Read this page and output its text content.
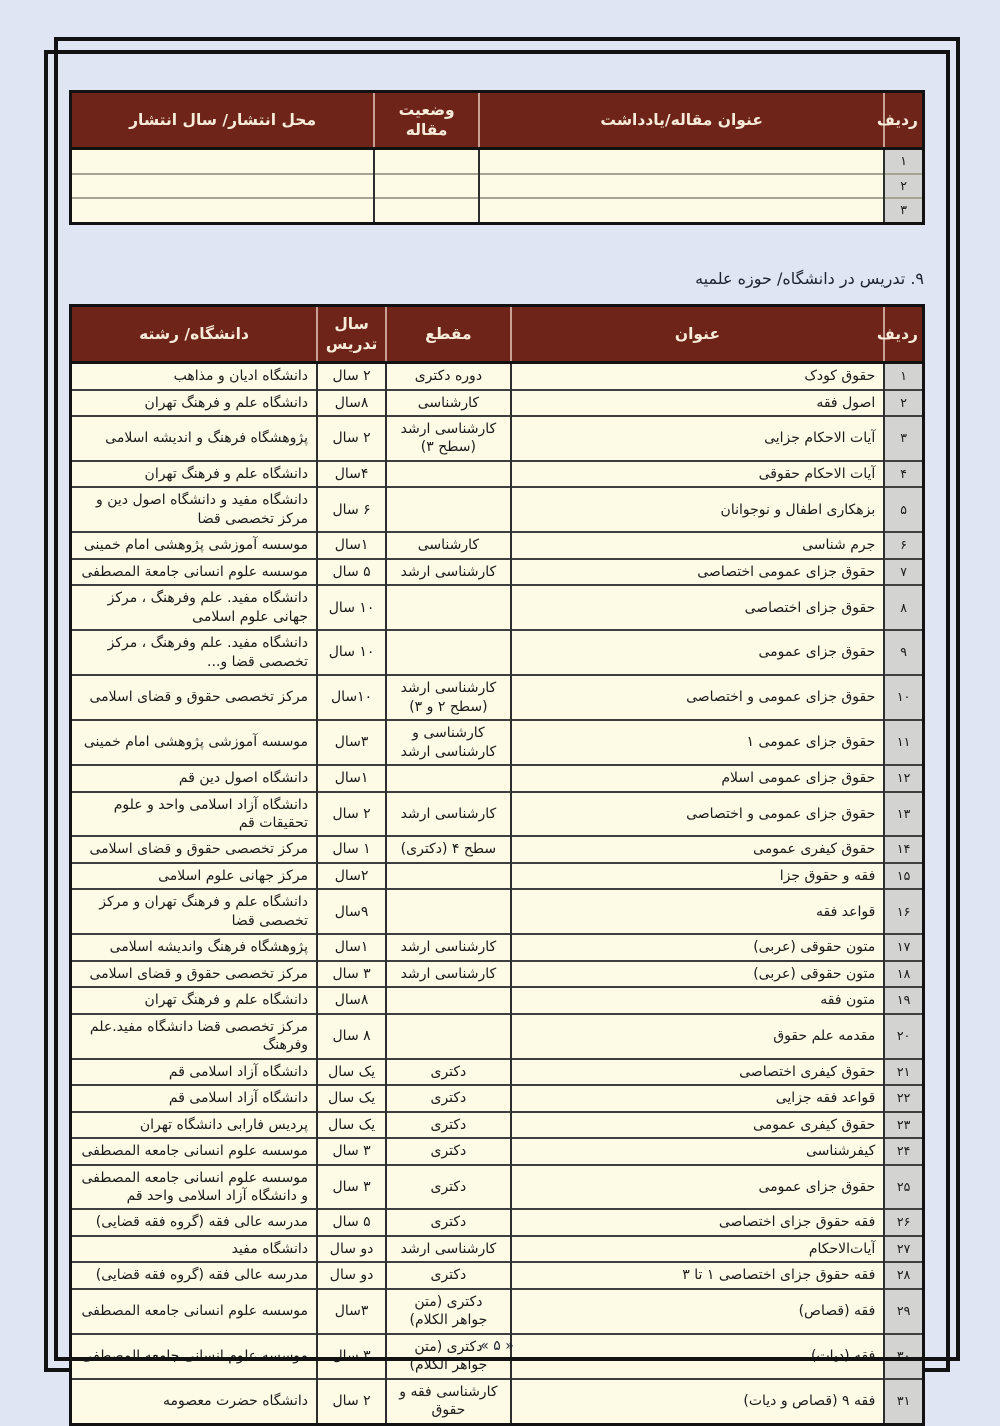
ردیف	عنوان مقاله/یادداشت	وضعیت مقاله	محل انتشار/ سال انتشار
۱			
۲			
۳			
۹. تدریس در دانشگاه/ حوزه علمیه
ردیف	عنوان	مقطع	سال تدریس	دانشگاه/ رشته
۱	حقوق کودک	دوره دکتری	۲ سال	دانشگاه ادیان و مذاهب
۲	اصول فقه	کارشناسی	۸سال	دانشگاه علم و فرهنگ تهران
۳	آیات الاحکام جزایی	کارشناسی ارشد (سطح ۳)	۲ سال	پژوهشگاه فرهنگ و اندیشه اسلامی
۴	آیات الاحکام حقوقی		۴سال	دانشگاه علم و فرهنگ تهران
۵	بزهکاری اطفال و نوجوانان		۶ سال	دانشگاه مفید و دانشگاه اصول دین و مرکز تخصصی قضا
۶	جرم شناسی	کارشناسی	۱سال	موسسه آموزشی پژوهشی امام خمینی
۷	حقوق جزای عمومی اختصاصی	کارشناسی ارشد	۵ سال	موسسه علوم انسانی جامعة المصطفی
۸	حقوق جزای اختصاصی		۱۰ سال	دانشگاه مفید. علم وفرهنگ ، مرکز جهانی علوم اسلامی
۹	حقوق جزای عمومی		۱۰ سال	دانشگاه مفید. علم وفرهنگ ، مرکز تخصصی قضا و...
۱۰	حقوق جزای عمومی و اختصاصی	کارشناسی ارشد (سطح ۲ و ۳)	۱۰سال	مرکز تخصصی حقوق و قضای اسلامی
۱۱	حقوق جزای عمومی ۱	کارشناسی و کارشناسی ارشد	۳سال	موسسه آموزشی پژوهشی امام خمینی
۱۲	حقوق جزای عمومی اسلام		۱سال	دانشگاه اصول دین قم
۱۳	حقوق جزای عمومی و اختصاصی	کارشناسی ارشد	۲ سال	دانشگاه آزاد اسلامی واحد و علوم تحقیقات قم
۱۴	حقوق کیفری عمومی	سطح ۴ (دکتری)	۱ سال	مرکز تخصصی حقوق و قضای اسلامی
۱۵	فقه و حقوق جزا		۲سال	مرکز جهانی علوم اسلامی
۱۶	قواعد فقه		۹سال	دانشگاه علم و فرهنگ تهران و مرکز تخصصی قضا
۱۷	متون حقوقی (عربی)	کارشناسی ارشد	۱سال	پژوهشگاه فرهنگ واندیشه اسلامی
۱۸	متون حقوقی (عربی)	کارشناسی ارشد	۳ سال	مرکز تخصصی حقوق و قضای اسلامی
۱۹	متون فقه		۸سال	دانشگاه علم و فرهنگ تهران
۲۰	مقدمه علم حقوق		۸ سال	مرکز تخصصی قضا دانشگاه مفید.علم وفرهنگ
۲۱	حقوق کیفری اختصاصی	دکتری	یک سال	دانشگاه آزاد اسلامی قم
۲۲	قواعد فقه جزایی	دکتری	یک سال	دانشگاه آزاد اسلامی قم
۲۳	حقوق کیفری عمومی	دکتری	یک سال	پردیس فارابی دانشگاه تهران
۲۴	کیفرشناسی	دکتری	۳ سال	موسسه علوم انسانی جامعه المصطفی
۲۵	حقوق جزای عمومی	دکتری	۳ سال	موسسه علوم انسانی جامعه المصطفی و دانشگاه آزاد اسلامی واحد قم
۲۶	فقه حقوق جزای اختصاصی	دکتری	۵ سال	مدرسه عالی فقه (گروه فقه قضایی)
۲۷	آیات‌الاحکام	کارشناسی ارشد	دو سال	دانشگاه مفید
۲۸	فقه حقوق جزای اختصاصی ۱ تا ۳	دکتری	دو سال	مدرسه عالی فقه (گروه فقه قضایی)
۲۹	فقه (قصاص)	دکتری (متن جواهر الکلام)	۳سال	موسسه علوم انسانی جامعه المصطفی
۳۰	فقه (دیات)	دکتری (متن جواهر الکلام)	۳ سال	موسسه علوم انسانی جامعه المصطفی
۳۱	فقه ۹ (قصاص و دیات)	کارشناسی فقه و حقوق	۲ سال	دانشگاه حضرت معصومه
« ۵ »
